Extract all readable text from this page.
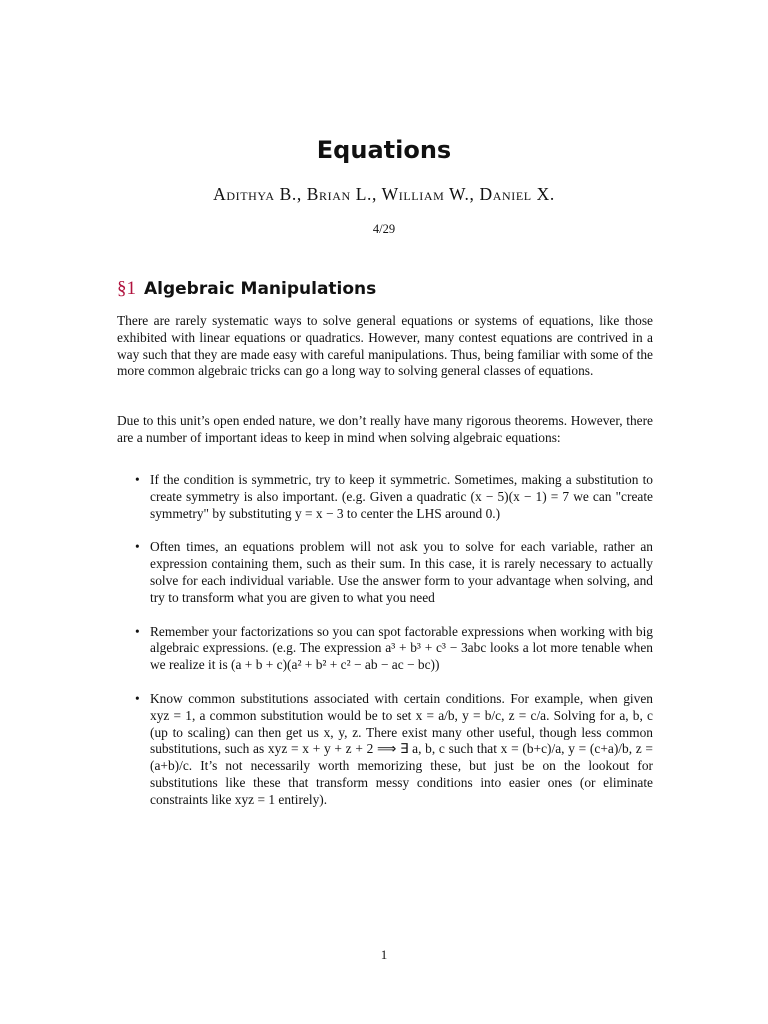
Equations
Adithya B., Brian L., William W., Daniel X.
4/29
§1 Algebraic Manipulations
There are rarely systematic ways to solve general equations or systems of equations, like those exhibited with linear equations or quadratics. However, many contest equations are contrived in a way such that they are made easy with careful manipulations. Thus, being familiar with some of the more common algebraic tricks can go a long way to solving general classes of equations.
Due to this unit’s open ended nature, we don’t really have many rigorous theorems. However, there are a number of important ideas to keep in mind when solving algebraic equations:
• If the condition is symmetric, try to keep it symmetric. Sometimes, making a substitution to create symmetry is also important. (e.g. Given a quadratic (x − 5)(x − 1) = 7 we can "create symmetry" by substituting y = x − 3 to center the LHS around 0.)
• Often times, an equations problem will not ask you to solve for each variable, rather an expression containing them, such as their sum. In this case, it is rarely necessary to actually solve for each individual variable. Use the answer form to your advantage when solving, and try to transform what you are given to what you need
• Remember your factorizations so you can spot factorable expressions when working with big algebraic expressions. (e.g. The expression a³ + b³ + c³ − 3abc looks a lot more tenable when we realize it is (a + b + c)(a² + b² + c² − ab − ac − bc))
• Know common substitutions associated with certain conditions. For example, when given xyz = 1, a common substitution would be to set x = a/b, y = b/c, z = c/a. Solving for a, b, c (up to scaling) can then get us x, y, z. There exist many other useful, though less common substitutions, such as xyz = x + y + z + 2 ⟹ ∃ a, b, c such that x = (b+c)/a, y = (c+a)/b, z = (a+b)/c. It’s not necessarily worth memorizing these, but just be on the lookout for substitutions like these that transform messy conditions into easier ones (or eliminate constraints like xyz = 1 entirely).
1
